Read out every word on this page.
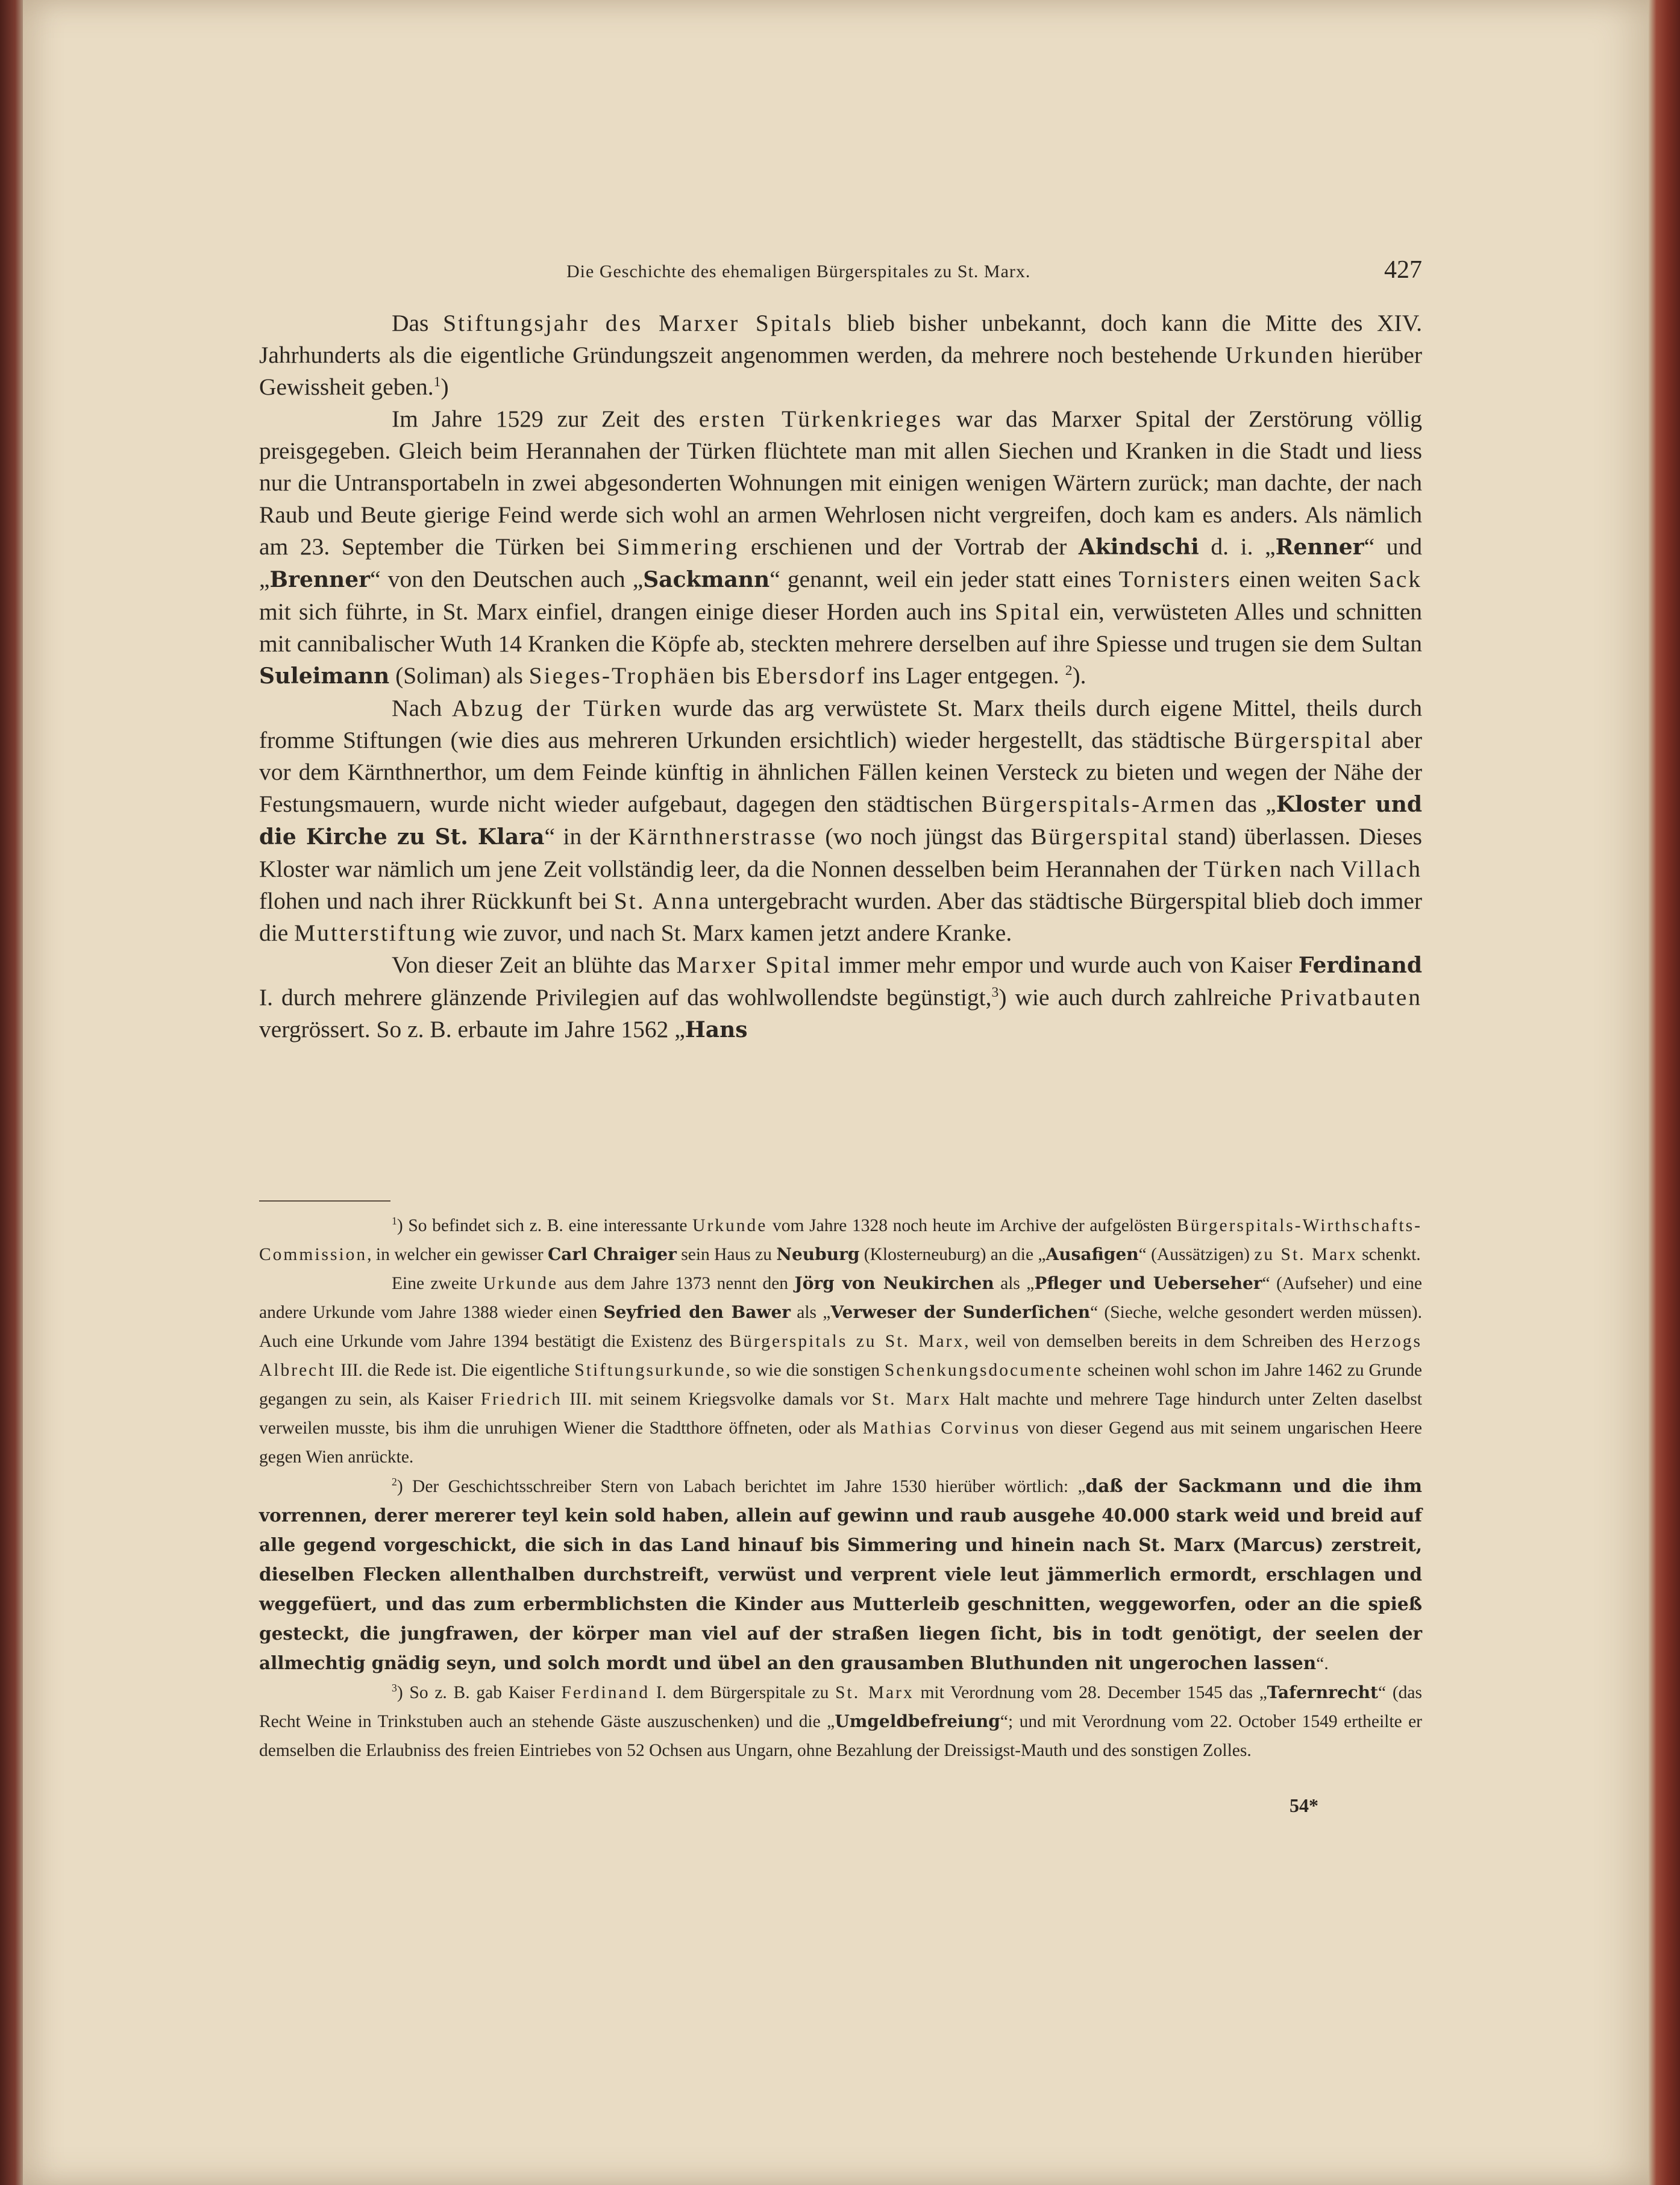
Die Geschichte des ehemaligen Bürgerspitales zu St. Marx.	427

Das Stiftungsjahr des Marxer Spitals blieb bisher unbekannt, doch kann die Mitte des XIV. Jahrhunderts als die eigentliche Gründungszeit angenommen werden, da mehrere noch bestehende Urkunden hierüber Gewissheit geben.$^1$)

Im Jahre 1529 zur Zeit des ersten Türkenkrieges war das Marxer Spital der Zerstörung völlig preisgegeben. Gleich beim Herannahen der Türken flüchtete man mit allen Siechen und Kranken in die Stadt und liess nur die Untransportabeln in zwei abgesonderten Wohnungen mit einigen wenigen Wärtern zurück; man dachte, der nach Raub und Beute gierige Feind werde sich wohl an armen Wehrlosen nicht vergreifen, doch kam es anders. Als nämlich am 23. September die Türken bei Simmering erschienen und der Vortrab der Akindschi d. i. „Renner“ und „Brenner“ von den Deutschen auch „Sackmann“ genannt, weil ein jeder statt eines Tornisters einen weiten Sack mit sich führte, in St. Marx einfiel, drangen einige dieser Horden auch ins Spital ein, verwüsteten Alles und schnitten mit cannibalischer Wuth 14 Kranken die Köpfe ab, steckten mehrere derselben auf ihre Spiesse und trugen sie dem Sultan Suleimann (Soliman) als Sieges-Trophäen bis Ebersdorf ins Lager entgegen. $^2$).

Nach Abzug der Türken wurde das arg verwüstete St. Marx theils durch eigene Mittel, theils durch fromme Stiftungen (wie dies aus mehreren Urkunden ersichtlich) wieder hergestellt, das städtische Bürgerspital aber vor dem Kärnthnerthor, um dem Feinde künftig in ähnlichen Fällen keinen Versteck zu bieten und wegen der Nähe der Festungsmauern, wurde nicht wieder aufgebaut, dagegen den städtischen Bürgerspitals-Armen das „Kloster und die Kirche zu St. Klara“ in der Kärnthnerstrasse (wo noch jüngst das Bürgerspital stand) überlassen. Dieses Kloster war nämlich um jene Zeit vollständig leer, da die Nonnen desselben beim Herannahen der Türken nach Villach flohen und nach ihrer Rückkunft bei St. Anna untergebracht wurden. Aber das städtische Bürgerspital blieb doch immer die Mutterstiftung wie zuvor, und nach St. Marx kamen jetzt andere Kranke.

Von dieser Zeit an blühte das Marxer Spital immer mehr empor und wurde auch von Kaiser Ferdinand I. durch mehrere glänzende Privilegien auf das wohlwollendste begünstigt,$^3$) wie auch durch zahlreiche Privatbauten vergrössert. So z. B. erbaute im Jahre 1562 „Hans

$^1$) So befindet sich z. B. eine interessante Urkunde vom Jahre 1328 noch heute im Archive der aufgelösten Bürgerspitals-Wirthschafts-Commission, in welcher ein gewisser Carl Chraiger sein Haus zu Neuburg (Klosterneuburg) an die „Ausafigen“ (Aussätzigen) zu St. Marx schenkt.

Eine zweite Urkunde aus dem Jahre 1373 nennt den Jörg von Neukirchen als „Pfleger und Ueberseher“ (Aufseher) und eine andere Urkunde vom Jahre 1388 wieder einen Seyfried den Bawer als „Verweser der Sunderſichen“ (Sieche, welche gesondert werden müssen). Auch eine Urkunde vom Jahre 1394 bestätigt die Existenz des Bürgerspitals zu St. Marx, weil von demselben bereits in dem Schreiben des Herzogs Albrecht III. die Rede ist. Die eigentliche Stiftungsurkunde, so wie die sonstigen Schenkungsdocumente scheinen wohl schon im Jahre 1462 zu Grunde gegangen zu sein, als Kaiser Friedrich III. mit seinem Kriegsvolke damals vor St. Marx Halt machte und mehrere Tage hindurch unter Zelten daselbst verweilen musste, bis ihm die unruhigen Wiener die Stadtthore öffneten, oder als Mathias Corvinus von dieser Gegend aus mit seinem ungarischen Heere gegen Wien anrückte.

$^2$) Der Geschichtsschreiber Stern von Labach berichtet im Jahre 1530 hierüber wörtlich: „daß der Sackmann und die ihm vorrennen, derer mererer teyl kein sold haben, allein auf gewinn und raub ausgehe 40.000 stark weid und breid auf alle gegend vorgeschickt, die sich in das Land hinauf bis Simmering und hinein nach St. Marx (Marcus) zerstreit, dieselben Flecken allenthalben durchstreift, verwüst und verprent viele leut jämmerlich ermordt, erschlagen und weggefüert, und das zum erbermblichsten die Kinder aus Mutterleib geschnitten, weggeworfen, oder an die spieß gesteckt, die jungfrawen, der körper man viel auf der straßen liegen ſicht, bis in todt genötigt, der seelen der allmechtig gnädig seyn, und solch mordt und übel an den grausamben Bluthunden nit ungerochen lassen“.

$^3$) So z. B. gab Kaiser Ferdinand I. dem Bürgerspitale zu St. Marx mit Verordnung vom 28. December 1545 das „Tafernrecht“ (das Recht Weine in Trinkstuben auch an stehende Gäste auszuschenken) und die „Umgeldbefreiung“; und mit Verordnung vom 22. October 1549 ertheilte er demselben die Erlaubniss des freien Eintriebes von 52 Ochsen aus Ungarn, ohne Bezahlung der Dreissigst-Mauth und des sonstigen Zolles.

54*
